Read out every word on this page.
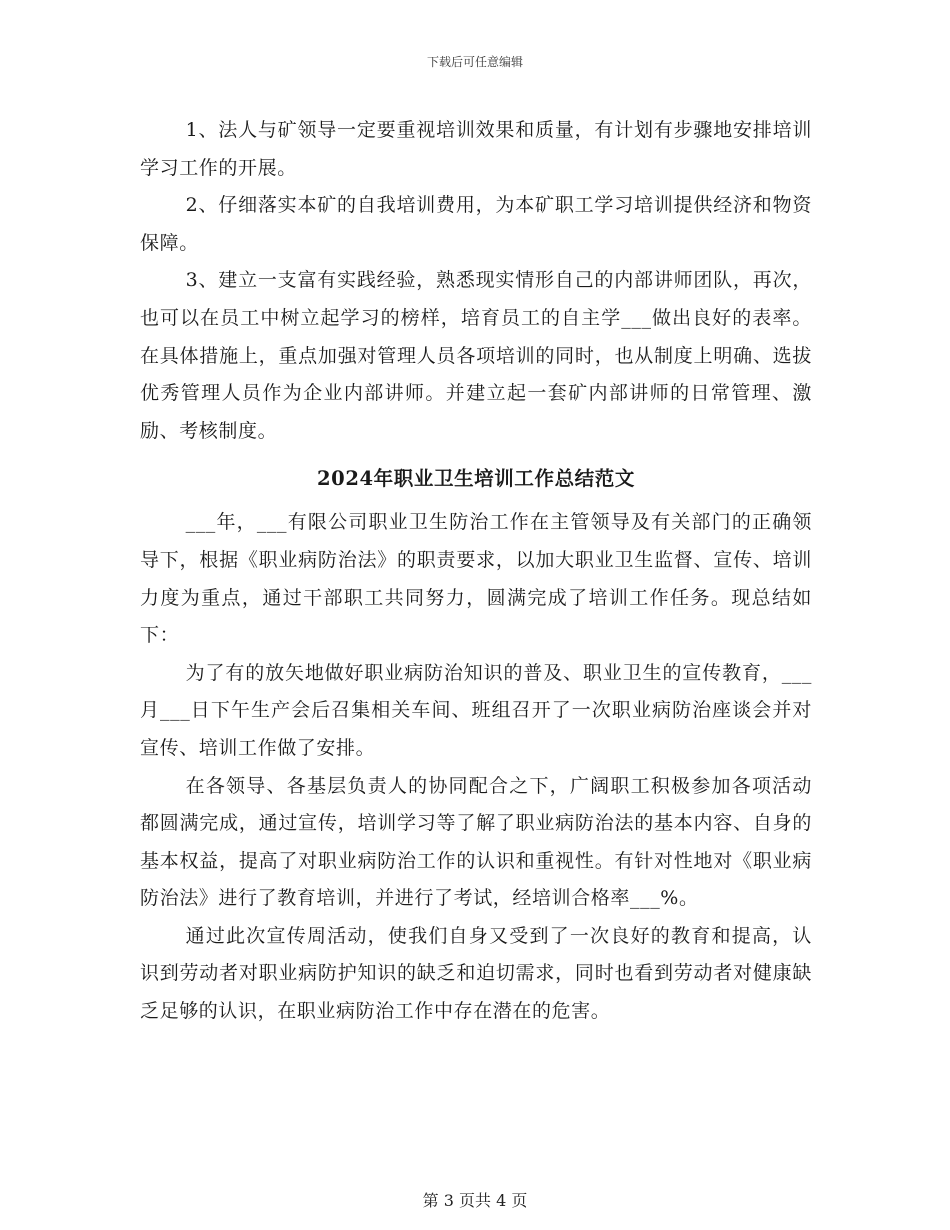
下载后可任意编辑

1、法人与矿领导一定要重视培训效果和质量，有计划有步骤地安排培训学习工作的开展。

2、仔细落实本矿的自我培训费用，为本矿职工学习培训提供经济和物资保障。

3、建立一支富有实践经验，熟悉现实情形自己的内部讲师团队，再次，也可以在员工中树立起学习的榜样，培育员工的自主学___做出良好的表率。在具体措施上，重点加强对管理人员各项培训的同时，也从制度上明确、选拔优秀管理人员作为企业内部讲师。并建立起一套矿内部讲师的日常管理、激励、考核制度。

2024年职业卫生培训工作总结范文

___年，___有限公司职业卫生防治工作在主管领导及有关部门的正确领导下，根据《职业病防治法》的职责要求，以加大职业卫生监督、宣传、培训力度为重点，通过干部职工共同努力，圆满完成了培训工作任务。现总结如下：

为了有的放矢地做好职业病防治知识的普及、职业卫生的宣传教育，___月___日下午生产会后召集相关车间、班组召开了一次职业病防治座谈会并对宣传、培训工作做了安排。

在各领导、各基层负责人的协同配合之下，广阔职工积极参加各项活动都圆满完成，通过宣传，培训学习等了解了职业病防治法的基本内容、自身的基本权益，提高了对职业病防治工作的认识和重视性。有针对性地对《职业病防治法》进行了教育培训，并进行了考试，经培训合格率___%。

通过此次宣传周活动，使我们自身又受到了一次良好的教育和提高，认识到劳动者对职业病防护知识的缺乏和迫切需求，同时也看到劳动者对健康缺乏足够的认识，在职业病防治工作中存在潜在的危害。

第 3 页共 4 页
